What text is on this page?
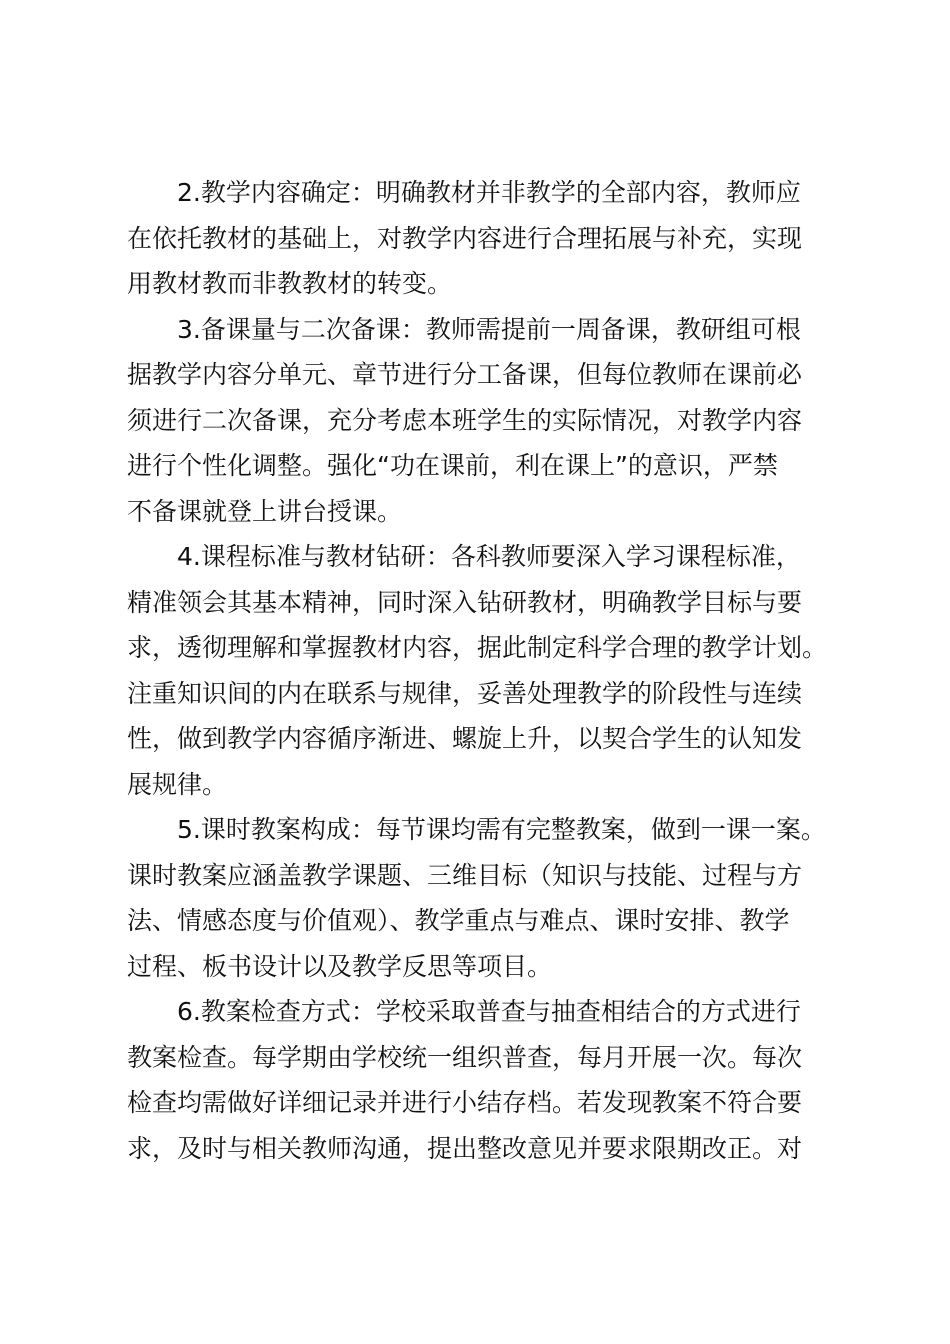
2.教学内容确定：明确教材并非教学的全部内容，教师应
在依托教材的基础上，对教学内容进行合理拓展与补充，实现
用教材教而非教教材的转变。

3.备课量与二次备课：教师需提前一周备课，教研组可根
据教学内容分单元、章节进行分工备课，但每位教师在课前必
须进行二次备课，充分考虑本班学生的实际情况，对教学内容
进行个性化调整。强化“功在课前，利在课上”的意识，严禁
不备课就登上讲台授课。

4.课程标准与教材钻研：各科教师要深入学习课程标准，
精准领会其基本精神，同时深入钻研教材，明确教学目标与要
求，透彻理解和掌握教材内容，据此制定科学合理的教学计划。
注重知识间的内在联系与规律，妥善处理教学的阶段性与连续
性，做到教学内容循序渐进、螺旋上升，以契合学生的认知发
展规律。

5.课时教案构成：每节课均需有完整教案，做到一课一案。
课时教案应涵盖教学课题、三维目标（知识与技能、过程与方
法、情感态度与价值观）、教学重点与难点、课时安排、教学
过程、板书设计以及教学反思等项目。

6.教案检查方式：学校采取普查与抽查相结合的方式进行
教案检查。每学期由学校统一组织普查，每月开展一次。每次
检查均需做好详细记录并进行小结存档。若发现教案不符合要
求，及时与相关教师沟通，提出整改意见并要求限期改正。对
